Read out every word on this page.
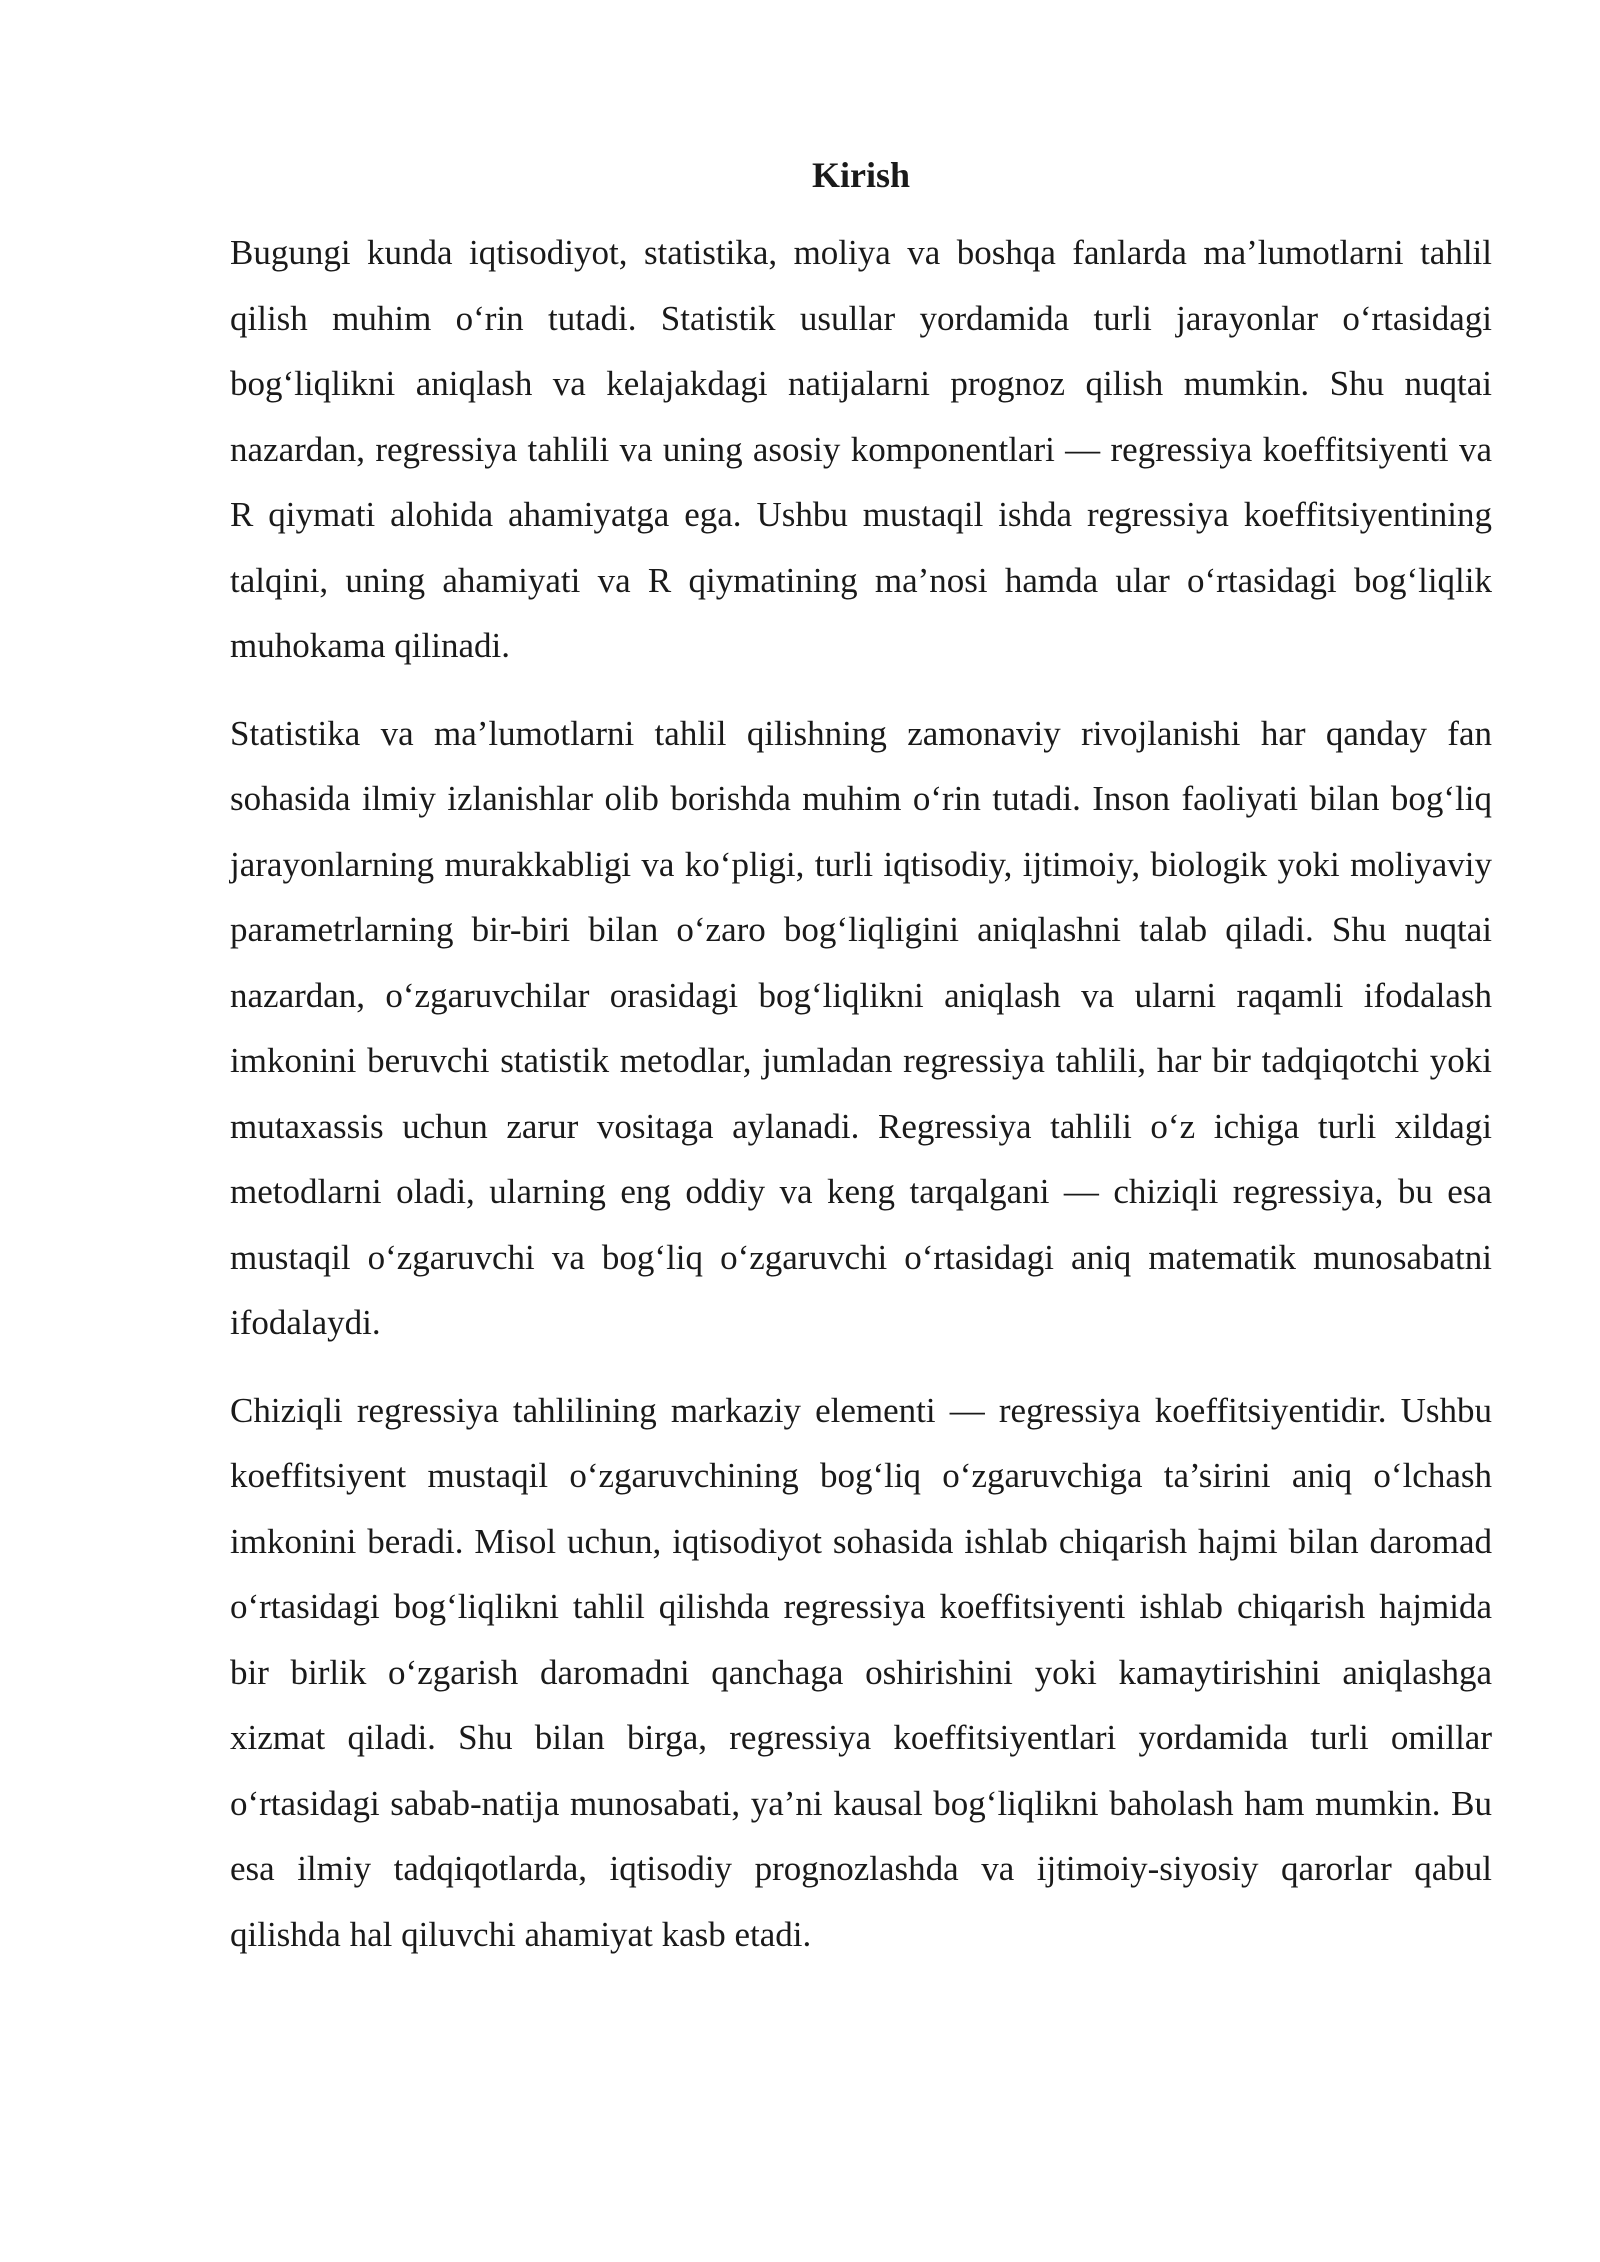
Kirish

Bugungi kunda iqtisodiyot, statistika, moliya va boshqa fanlarda ma’lumotlarni tahlil qilish muhim o‘rin tutadi. Statistik usullar yordamida turli jarayonlar o‘rtasidagi bog‘liqlikni aniqlash va kelajakdagi natijalarni prognoz qilish mumkin. Shu nuqtai nazardan, regressiya tahlili va uning asosiy komponentlari — regressiya koeffitsiyenti va R qiymati alohida ahamiyatga ega. Ushbu mustaqil ishda regressiya koeffitsiyentining talqini, uning ahamiyati va R qiymatining ma’nosi hamda ular o‘rtasidagi bog‘liqlik muhokama qilinadi.

Statistika va ma’lumotlarni tahlil qilishning zamonaviy rivojlanishi har qanday fan sohasida ilmiy izlanishlar olib borishda muhim o‘rin tutadi. Inson faoliyati bilan bog‘liq jarayonlarning murakkabligi va ko‘pligi, turli iqtisodiy, ijtimoiy, biologik yoki moliyaviy parametrlarning bir-biri bilan o‘zaro bog‘liqligini aniqlashni talab qiladi. Shu nuqtai nazardan, o‘zgaruvchilar orasidagi bog‘liqlikni aniqlash va ularni raqamli ifodalash imkonini beruvchi statistik metodlar, jumladan regressiya tahlili, har bir tadqiqotchi yoki mutaxassis uchun zarur vositaga aylanadi. Regressiya tahlili o‘z ichiga turli xildagi metodlarni oladi, ularning eng oddiy va keng tarqalgani — chiziqli regressiya, bu esa mustaqil o‘zgaruvchi va bog‘liq o‘zgaruvchi o‘rtasidagi aniq matematik munosabatni ifodalaydi.

Chiziqli regressiya tahlilining markaziy elementi — regressiya koeffitsiyentidir. Ushbu koeffitsiyent mustaqil o‘zgaruvchining bog‘liq o‘zgaruvchiga ta’sirini aniq o‘lchash imkonini beradi. Misol uchun, iqtisodiyot sohasida ishlab chiqarish hajmi bilan daromad o‘rtasidagi bog‘liqlikni tahlil qilishda regressiya koeffitsiyenti ishlab chiqarish hajmida bir birlik o‘zgarish daromadni qanchaga oshirishini yoki kamaytirishini aniqlashga xizmat qiladi. Shu bilan birga, regressiya koeffitsiyentlari yordamida turli omillar o‘rtasidagi sabab-natija munosabati, ya’ni kausal bog‘liqlikni baholash ham mumkin. Bu esa ilmiy tadqiqotlarda, iqtisodiy prognozlashda va ijtimoiy-siyosiy qarorlar qabul qilishda hal qiluvchi ahamiyat kasb etadi.
